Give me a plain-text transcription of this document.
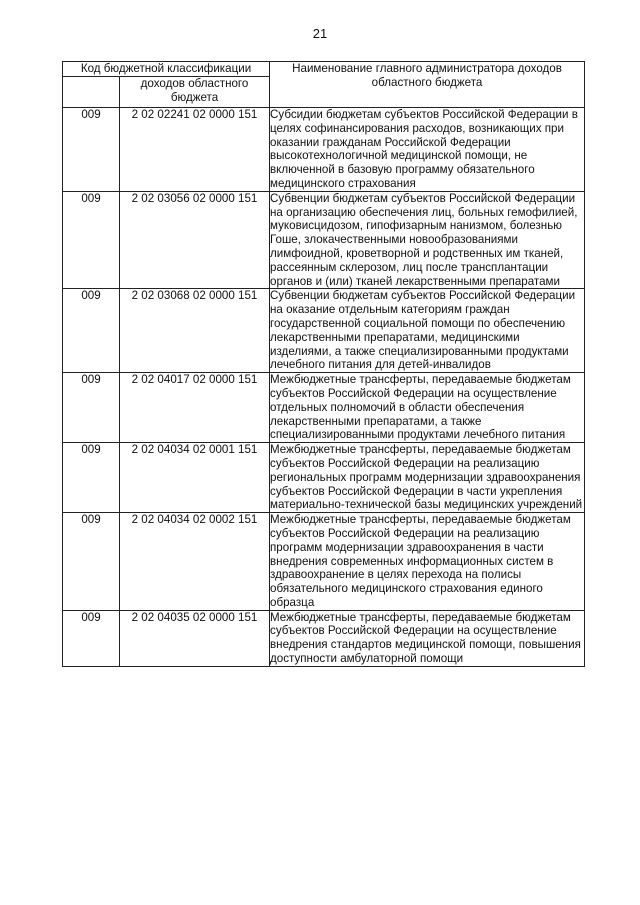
21
Код бюджетной классификации		Наименование главного администратора доходов областного бюджета
	доходов областного бюджета	
009	2 02 02241 02 0000 151	Субсидии бюджетам субъектов Российской Федерации в целях софинансирования расходов, возникающих при оказании гражданам Российской Федерации высокотехнологичной медицинской помощи, не включенной в базовую программу обязательного медицинского страхования
009	2 02 03056 02 0000 151	Субвенции бюджетам субъектов Российской Федерации на организацию обеспечения лиц, больных гемофилией, муковисцидозом, гипофизарным нанизмом, болезнью Гоше, злокачественными новообразованиями лимфоидной, кроветворной и родственных им тканей, рассеянным склерозом, лиц после трансплантации органов и (или) тканей лекарственными препаратами
009	2 02 03068 02 0000 151	Субвенции бюджетам субъектов Российской Федерации на оказание отдельным категориям граждан государственной социальной помощи по обеспечению лекарственными препаратами, медицинскими изделиями, а также специализированными продуктами лечебного питания для детей-инвалидов
009	2 02 04017 02 0000 151	Межбюджетные трансферты, передаваемые бюджетам субъектов Российской Федерации на осуществление отдельных полномочий в области обеспечения лекарственными препаратами, а также специализированными продуктами лечебного питания
009	2 02 04034 02 0001 151	Межбюджетные трансферты, передаваемые бюджетам субъектов Российской Федерации на реализацию региональных программ модернизации здравоохранения субъектов Российской Федерации в части укрепления материально-технической базы медицинских учреждений
009	2 02 04034 02 0002 151	Межбюджетные трансферты, передаваемые бюджетам субъектов Российской Федерации на реализацию программ модернизации здравоохранения в части внедрения современных информационных систем в здравоохранение в целях перехода на полисы обязательного медицинского страхования единого образца
009	2 02 04035 02 0000 151	Межбюджетные трансферты, передаваемые бюджетам субъектов Российской Федерации на осуществление внедрения стандартов медицинской помощи, повышения доступности амбулаторной помощи
